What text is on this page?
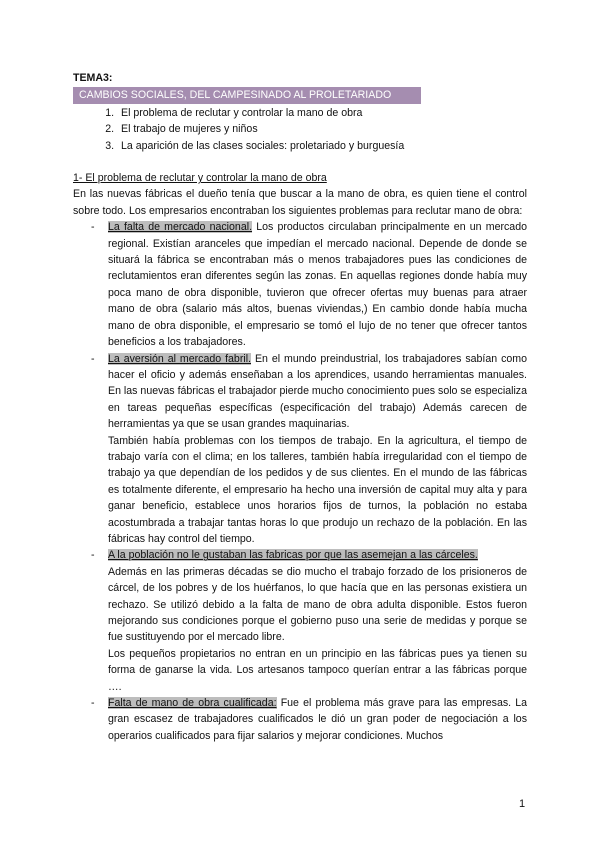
TEMA3:
CAMBIOS SOCIALES, DEL CAMPESINADO AL PROLETARIADO
1. El problema de reclutar y controlar la mano de obra
2. El trabajo de mujeres y niños
3. La aparición de las clases sociales: proletariado y burguesía
1- El problema de reclutar y controlar la mano de obra
En las nuevas fábricas el dueño tenía que buscar a la mano de obra, es quien tiene el control sobre todo. Los empresarios encontraban los siguientes problemas para reclutar mano de obra:
- La falta de mercado nacional. Los productos circulaban principalmente en un mercado regional. Existían aranceles que impedían el mercado nacional. Depende de donde se situará la fábrica se encontraban más o menos trabajadores pues las condiciones de reclutamientos eran diferentes según las zonas. En aquellas regiones donde había muy poca mano de obra disponible, tuvieron que ofrecer ofertas muy buenas para atraer mano de obra (salario más altos, buenas viviendas,) En cambio donde había mucha mano de obra disponible, el empresario se tomó el lujo de no tener que ofrecer tantos beneficios a los trabajadores.
- La aversión al mercado fabril. En el mundo preindustrial, los trabajadores sabían como hacer el oficio y además enseñaban a los aprendices, usando herramientas manuales. En las nuevas fábricas el trabajador pierde mucho conocimiento pues solo se especializa en tareas pequeñas específicas (especificación del trabajo) Además carecen de herramientas ya que se usan grandes maquinarias.
También había problemas con los tiempos de trabajo. En la agricultura, el tiempo de trabajo varía con el clima; en los talleres, también había irregularidad con el tiempo de trabajo ya que dependían de los pedidos y de sus clientes. En el mundo de las fábricas es totalmente diferente, el empresario ha hecho una inversión de capital muy alta y para ganar beneficio, establece unos horarios fijos de turnos, la población no estaba acostumbrada a trabajar tantas horas lo que produjo un rechazo de la población. En las fábricas hay control del tiempo.
- A la población no le gustaban las fabricas por que las asemejan a las cárceles.
Además en las primeras décadas se dio mucho el trabajo forzado de los prisioneros de cárcel, de los pobres y de los huérfanos, lo que hacía que en las personas existiera un rechazo. Se utilizó debido a la falta de mano de obra adulta disponible. Estos fueron mejorando sus condiciones porque el gobierno puso una serie de medidas y porque se fue sustituyendo por el mercado libre.
Los pequeños propietarios no entran en un principio en las fábricas pues ya tienen su forma de ganarse la vida. Los artesanos tampoco querían entrar a las fábricas porque ….
- Falta de mano de obra cualificada: Fue el problema más grave para las empresas. La gran escasez de trabajadores cualificados le dió un gran poder de negociación a los operarios cualificados para fijar salarios y mejorar condiciones. Muchos
1
